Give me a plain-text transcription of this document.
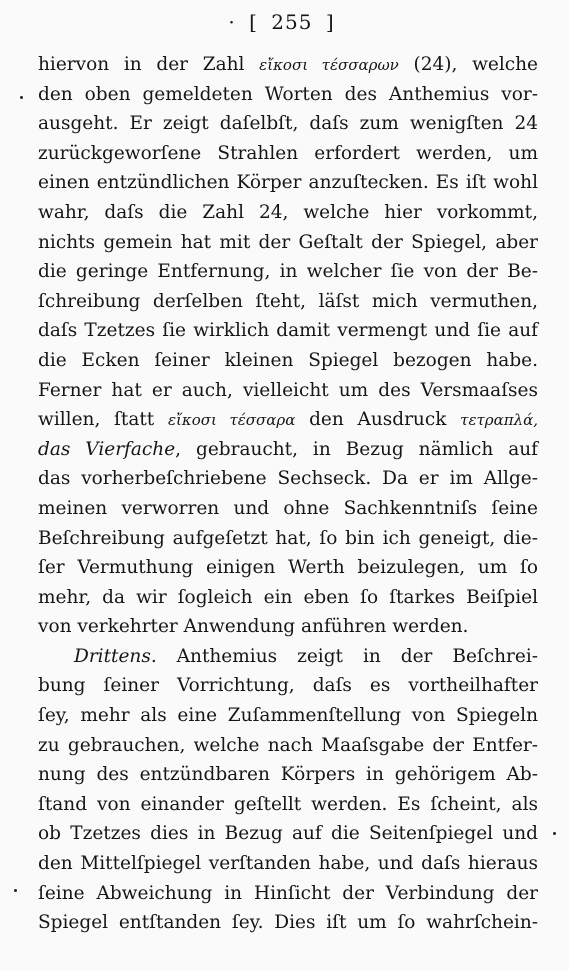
· [ 255 ]
hiervon in der Zahl εἴκοσι τέσσαρων (24), welche
den oben gemeldeten Worten des Anthemius vor-
ausgeht. Er zeigt daſelbſt, daſs zum wenigſten 24
zurückgeworſene Strahlen erfordert werden, um
einen entzündlichen Körper anzuſtecken. Es iſt wohl
wahr, daſs die Zahl 24, welche hier vorkommt,
nichts gemein hat mit der Geſtalt der Spiegel, aber
die geringe Entfernung, in welcher ſie von der Be-
ſchreibung derſelben ſteht, läſst mich vermuthen,
daſs Tzetzes ſie wirklich damit vermengt und ſie auf
die Ecken ſeiner kleinen Spiegel bezogen habe.
Ferner hat er auch, vielleicht um des Versmaaſses
willen, ſtatt εἴκοσι τέσσαρα den Ausdruck τετραπλά,
das Vierfache, gebraucht, in Bezug nämlich auf
das vorherbeſchriebene Sechseck. Da er im Allge-
meinen verworren und ohne Sachkenntniſs ſeine
Beſchreibung aufgeſetzt hat, ſo bin ich geneigt, die-
ſer Vermuthung einigen Werth beizulegen, um ſo
mehr, da wir ſogleich ein eben ſo ſtarkes Beiſpiel
von verkehrter Anwendung anführen werden.
Drittens. Anthemius zeigt in der Beſchrei-
bung ſeiner Vorrichtung, daſs es vortheilhafter
ſey, mehr als eine Zuſammenſtellung von Spiegeln
zu gebrauchen, welche nach Maaſsgabe der Entfer-
nung des entzündbaren Körpers in gehörigem Ab-
ſtand von einander geſtellt werden. Es ſcheint, als
ob Tzetzes dies in Bezug auf die Seitenſpiegel und
den Mittelſpiegel verſtanden habe, und daſs hieraus
ſeine Abweichung in Hinſicht der Verbindung der
Spiegel entſtanden ſey. Dies iſt um ſo wahrſchein-
